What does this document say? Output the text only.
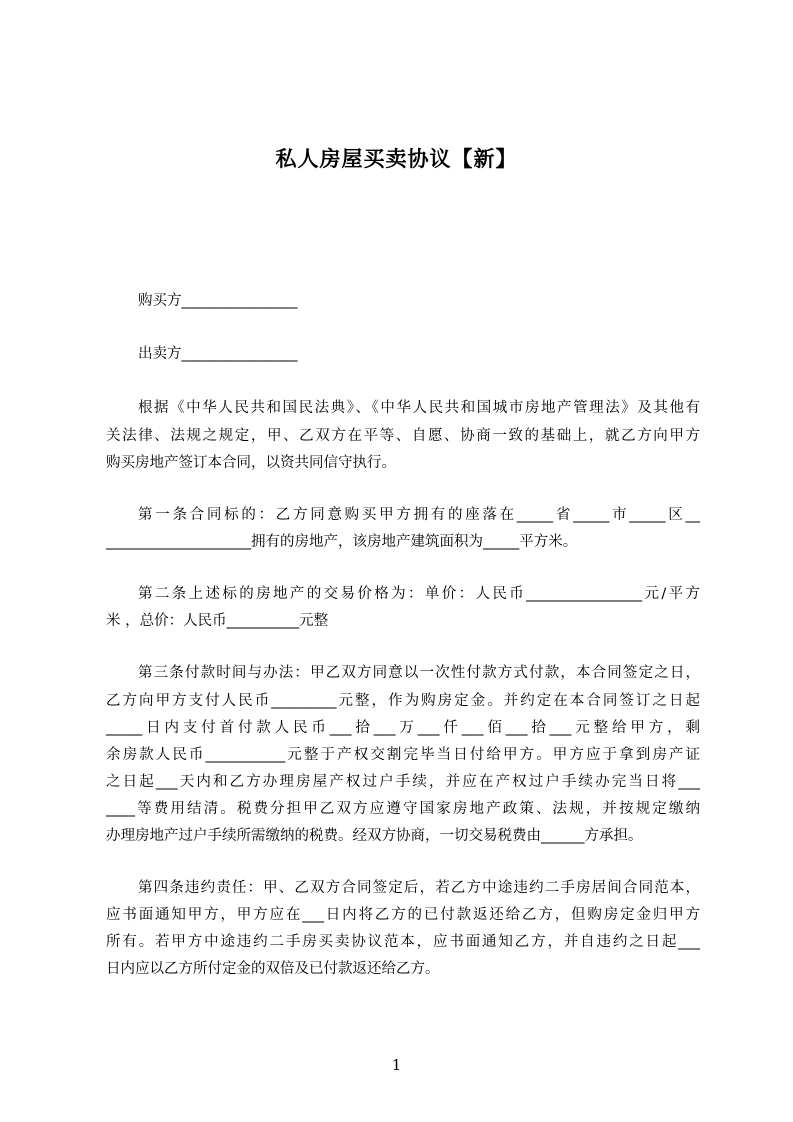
私人房屋买卖协议【新】
购买方________________
出卖方________________
根据《中华人民共和国民法典》、《中华人民共和国城市房地产管理法》及其他有
关法律、法规之规定，甲、乙双方在平等、自愿、协商一致的基础上，就乙方向甲方
购买房地产签订本合同，以资共同信守执行。
第一条合同标的：乙方同意购买甲方拥有的座落在_____省_____市_____区__
____________________拥有的房地产，该房地产建筑面积为_____平方米。
第二条上述标的房地产的交易价格为：单价：人民币________________元/平方
米 ，总价：人民币__________元整
第三条付款时间与办法：甲乙双方同意以一次性付款方式付款，本合同签定之日，
乙方向甲方支付人民币_________元整，作为购房定金。并约定在本合同签订之日起
_____日内支付首付款人民币___拾___万___仟___佰___拾___元整给甲方，剩
余房款人民币___________元整于产权交割完毕当日付给甲方。甲方应于拿到房产证
之日起___天内和乙方办理房屋产权过户手续，并应在产权过户手续办完当日将___
____等费用结清。税费分担甲乙双方应遵守国家房地产政策、法规，并按规定缴纳
办理房地产过户手续所需缴纳的税费。经双方协商，一切交易税费由______方承担。
第四条违约责任：甲、乙双方合同签定后，若乙方中途违约二手房居间合同范本，
应书面通知甲方，甲方应在___日内将乙方的已付款返还给乙方，但购房定金归甲方
所有。若甲方中途违约二手房买卖协议范本，应书面通知乙方，并自违约之日起___
日内应以乙方所付定金的双倍及已付款返还给乙方。
1
